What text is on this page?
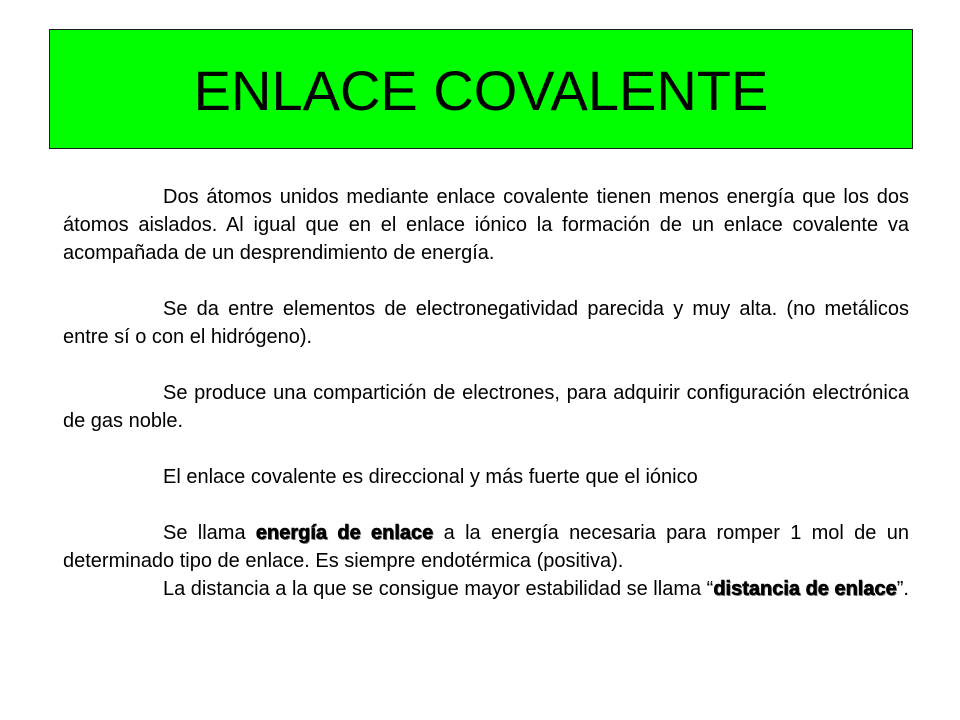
ENLACE COVALENTE

Dos átomos unidos mediante enlace covalente tienen menos energía que los dos átomos aislados. Al igual que en el enlace iónico la formación de un enlace covalente va acompañada de un desprendimiento de energía.

Se da entre elementos de electronegatividad parecida y muy alta. (no metálicos entre sí o con el hidrógeno).

Se produce una compartición de electrones, para adquirir configuración electrónica de gas noble.

El enlace covalente es direccional y más fuerte que el iónico

Se llama energía de enlace a la energía necesaria para romper 1 mol de un determinado tipo de enlace. Es siempre endotérmica (positiva).

La distancia a la que se consigue mayor estabilidad se llama “distancia de enlace”.
